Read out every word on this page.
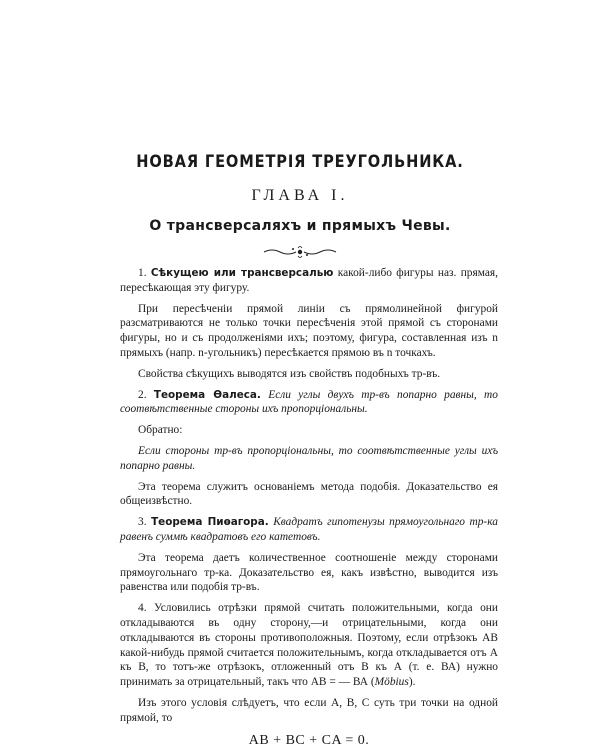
НОВАЯ ГЕОМЕТРІЯ ТРЕУГОЛЬНИКА.
ГЛАВА І.
О трансверсаляхъ и прямыхъ Чевы.

1. Сѣкущею или трансверсалью какой-либо фигуры наз. прямая, пересѣкающая эту фигуру.

При пересѣченіи прямой линіи съ прямолинейной фигурой разсматриваются не только точки пересѣченія этой прямой съ сторонами фигуры, но и съ продолженіями ихъ; поэтому, фигура, составленная изъ n прямыхъ (напр. n-угольникъ) пересѣкается прямою въ n точкахъ.

Свойства сѣкущихъ выводятся изъ свойствъ подобныхъ тр-въ.

2. Теорема Өалеса. Если углы двухъ тр-въ попарно равны, то соотвѣтственные стороны ихъ пропорціональны.

Обратно:

Если стороны тр-въ пропорціональны, то соотвѣтственные углы ихъ попарно равны.

Эта теорема служитъ основаніемъ метода подобія. Доказательство ея общеизвѣстно.

3. Теорема Пиѳагора. Квадратъ гипотенузы прямоугольнаго тр-ка равенъ суммѣ квадратовъ его катетовъ.

Эта теорема даетъ количественное соотношеніе между сторонами прямоугольнаго тр-ка. Доказательство ея, какъ извѣстно, выводится изъ равенства или подобія тр-въ.

4. Условились отрѣзки прямой считать положительными, когда они откладываются въ одну сторону,—и отрицательными, когда они откладываются въ стороны противоположныя. Поэтому, если отрѣзокъ АВ какой-нибудь прямой считается положительнымъ, когда откладывается отъ А къ В, то тотъ-же отрѣзокъ, отложенный отъ В къ А (т. е. ВА) нужно принимать за отрицательный, такъ что АВ = — ВА (Möbius).

Изъ этого условія слѣдуетъ, что если А, В, С суть три точки на одной прямой, то

AB + BC + CA = 0.
